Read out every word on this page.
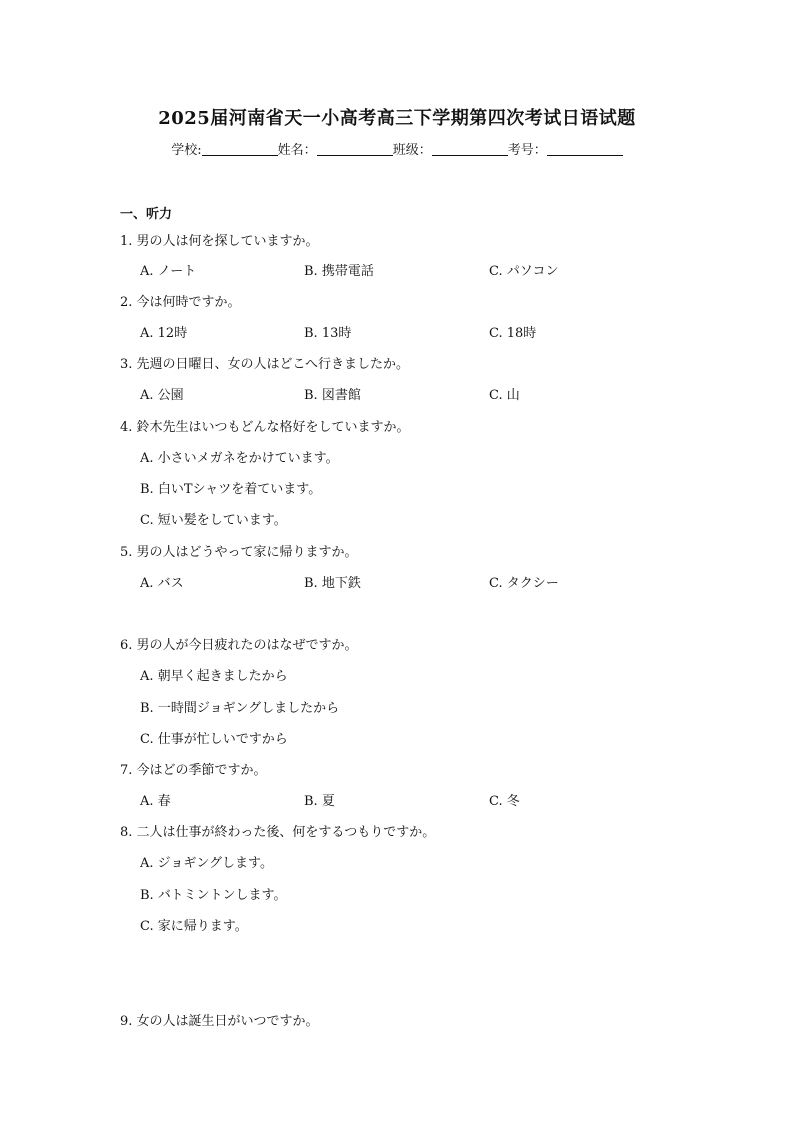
2025届河南省天一小高考高三下学期第四次考试日语试题
学校:	姓名：	班级：	考号：
一、听力
1. 男の人は何を探していますか。
A. ノート	B. 携帯電話	C. パソコン
2. 今は何時ですか。
A. 12時	B. 13時	C. 18時
3. 先週の日曜日、女の人はどこへ行きましたか。
A. 公園	B. 図書館	C. 山
4. 鈴木先生はいつもどんな格好をしていますか。
A. 小さいメガネをかけています。
B. 白いTシャツを着ています。
C. 短い髪をしています。
5. 男の人はどうやって家に帰りますか。
A. バス	B. 地下鉄	C. タクシー
6. 男の人が今日疲れたのはなぜですか。
A. 朝早く起きましたから
B. 一時間ジョギングしましたから
C. 仕事が忙しいですから
7. 今はどの季節ですか。
A. 春	B. 夏	C. 冬
8. 二人は仕事が終わった後、何をするつもりですか。
A. ジョギングします。
B. バトミントンします。
C. 家に帰ります。
9. 女の人は誕生日がいつですか。
